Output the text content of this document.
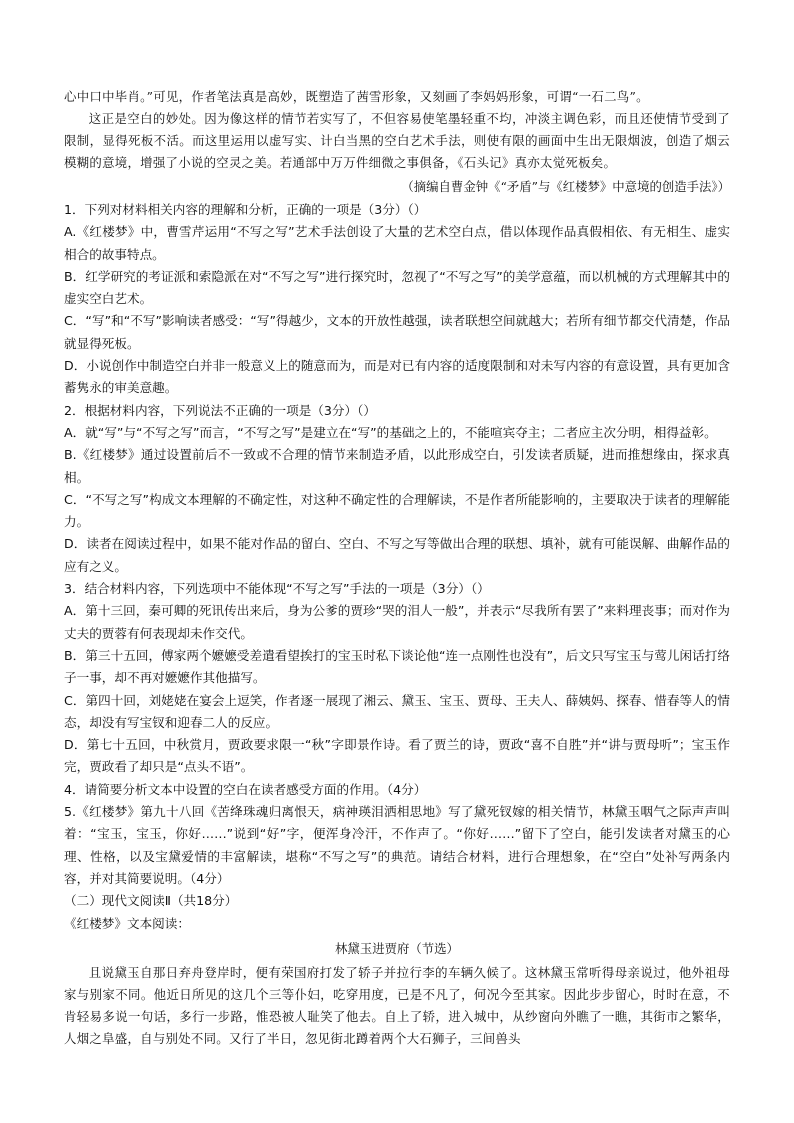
心中口中毕肖。”可见，作者笔法真是高妙，既塑造了茜雪形象，又刻画了李妈妈形象，可谓“一石二鸟”。

这正是空白的妙处。因为像这样的情节若实写了，不但容易使笔墨轻重不均，冲淡主调色彩，而且还使情节受到了限制，显得死板不活。而这里运用以虚写实、计白当黑的空白艺术手法，则使有限的画面中生出无限烟波，创造了烟云模糊的意境，增强了小说的空灵之美。若通部中万万件细微之事俱备，《石头记》真亦太觉死板矣。

（摘编自曹金钟《“矛盾”与《红楼梦》中意境的创造手法》）

1．下列对材料相关内容的理解和分析，正确的一项是（3分）（）

A.《红楼梦》中，曹雪芹运用“不写之写”艺术手法创设了大量的艺术空白点，借以体现作品真假相依、有无相生、虚实相合的故事特点。

B．红学研究的考证派和索隐派在对“不写之写”进行探究时，忽视了“不写之写”的美学意蕴，而以机械的方式理解其中的虚实空白艺术。

C．“写”和“不写”影响读者感受：“写”得越少，文本的开放性越强，读者联想空间就越大；若所有细节都交代清楚，作品就显得死板。

D．小说创作中制造空白并非一般意义上的随意而为，而是对已有内容的适度限制和对未写内容的有意设置，具有更加含蓄隽永的审美意趣。

2．根据材料内容，下列说法不正确的一项是（3分）（）

A．就“写”与“不写之写”而言，“不写之写”是建立在“写”的基础之上的，不能喧宾夺主；二者应主次分明，相得益彰。

B.《红楼梦》通过设置前后不一致或不合理的情节来制造矛盾，以此形成空白，引发读者质疑，进而推想缘由，探求真相。

C．“不写之写”构成文本理解的不确定性，对这种不确定性的合理解读，不是作者所能影响的，主要取决于读者的理解能力。

D．读者在阅读过程中，如果不能对作品的留白、空白、不写之写等做出合理的联想、填补，就有可能误解、曲解作品的应有之义。

3．结合材料内容，下列选项中不能体现“不写之写”手法的一项是（3分）（）

A．第十三回，秦可卿的死讯传出来后，身为公爹的贾珍“哭的泪人一般”，并表示“尽我所有罢了”来料理丧事；而对作为丈夫的贾蓉有何表现却未作交代。

B．第三十五回，傅家两个嬷嬷受差遣看望挨打的宝玉时私下谈论他“连一点刚性也没有”，后文只写宝玉与莺儿闲话打络子一事，却不再对嬷嬷作其他描写。

C．第四十回，刘姥姥在宴会上逗笑，作者逐一展现了湘云、黛玉、宝玉、贾母、王夫人、薛姨妈、探春、惜春等人的情态，却没有写宝钗和迎春二人的反应。

D．第七十五回，中秋赏月，贾政要求限一“秋”字即景作诗。看了贾兰的诗，贾政“喜不自胜”并“讲与贾母听”；宝玉作完，贾政看了却只是“点头不语”。

4．请简要分析文本中设置的空白在读者感受方面的作用。（4分）

5.《红楼梦》第九十八回《苦绛珠魂归离恨天，病神瑛泪洒相思地》写了黛死钗嫁的相关情节，林黛玉咽气之际声声叫着：“宝玉，宝玉，你好……”说到“好”字，便浑身冷汗，不作声了。“你好……”留下了空白，能引发读者对黛玉的心理、性格，以及宝黛爱情的丰富解读，堪称“不写之写”的典范。请结合材料，进行合理想象，在“空白”处补写两条内容，并对其简要说明。（4分）

（二）现代文阅读Ⅱ（共18分）

《红楼梦》文本阅读：

林黛玉进贾府（节选）

且说黛玉自那日弃舟登岸时，便有荣国府打发了轿子并拉行李的车辆久候了。这林黛玉常听得母亲说过，他外祖母家与别家不同。他近日所见的这几个三等仆妇，吃穿用度，已是不凡了，何况今至其家。因此步步留心，时时在意，不肯轻易多说一句话，多行一步路，惟恐被人耻笑了他去。自上了轿，进入城中，从纱窗向外瞧了一瞧，其街市之繁华，人烟之阜盛，自与别处不同。又行了半日，忽见街北蹲着两个大石狮子，三间兽头
